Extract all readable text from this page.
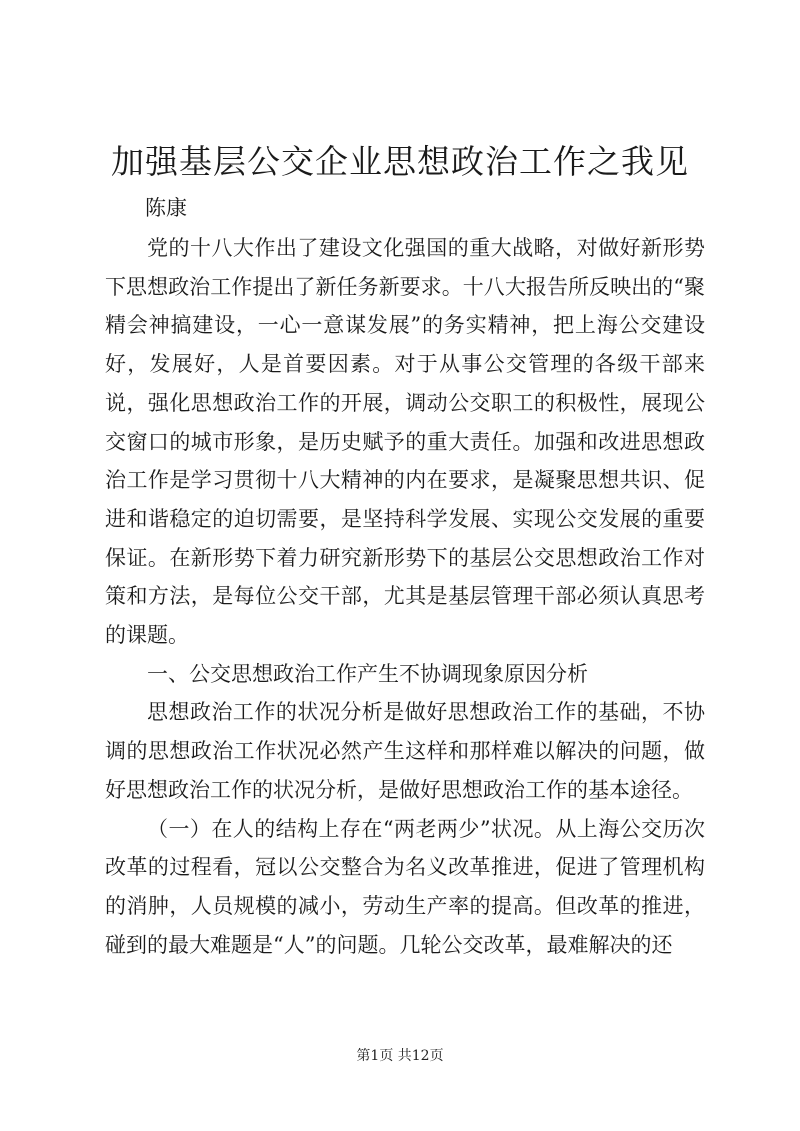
加强基层公交企业思想政治工作之我见

陈康

党的十八大作出了建设文化强国的重大战略，对做好新形势下思想政治工作提出了新任务新要求。十八大报告所反映出的“聚精会神搞建设，一心一意谋发展”的务实精神，把上海公交建设好，发展好，人是首要因素。对于从事公交管理的各级干部来说，强化思想政治工作的开展，调动公交职工的积极性，展现公交窗口的城市形象，是历史赋予的重大责任。加强和改进思想政治工作是学习贯彻十八大精神的内在要求，是凝聚思想共识、促进和谐稳定的迫切需要，是坚持科学发展、实现公交发展的重要保证。在新形势下着力研究新形势下的基层公交思想政治工作对策和方法，是每位公交干部，尤其是基层管理干部必须认真思考的课题。

一、公交思想政治工作产生不协调现象原因分析

思想政治工作的状况分析是做好思想政治工作的基础，不协调的思想政治工作状况必然产生这样和那样难以解决的问题，做好思想政治工作的状况分析，是做好思想政治工作的基本途径。

（一）在人的结构上存在“两老两少”状况。从上海公交历次改革的过程看，冠以公交整合为名义改革推进，促进了管理机构的消肿，人员规模的减小，劳动生产率的提高。但改革的推进，碰到的最大难题是“人”的问题。几轮公交改革，最难解决的还

第1页 共12页
